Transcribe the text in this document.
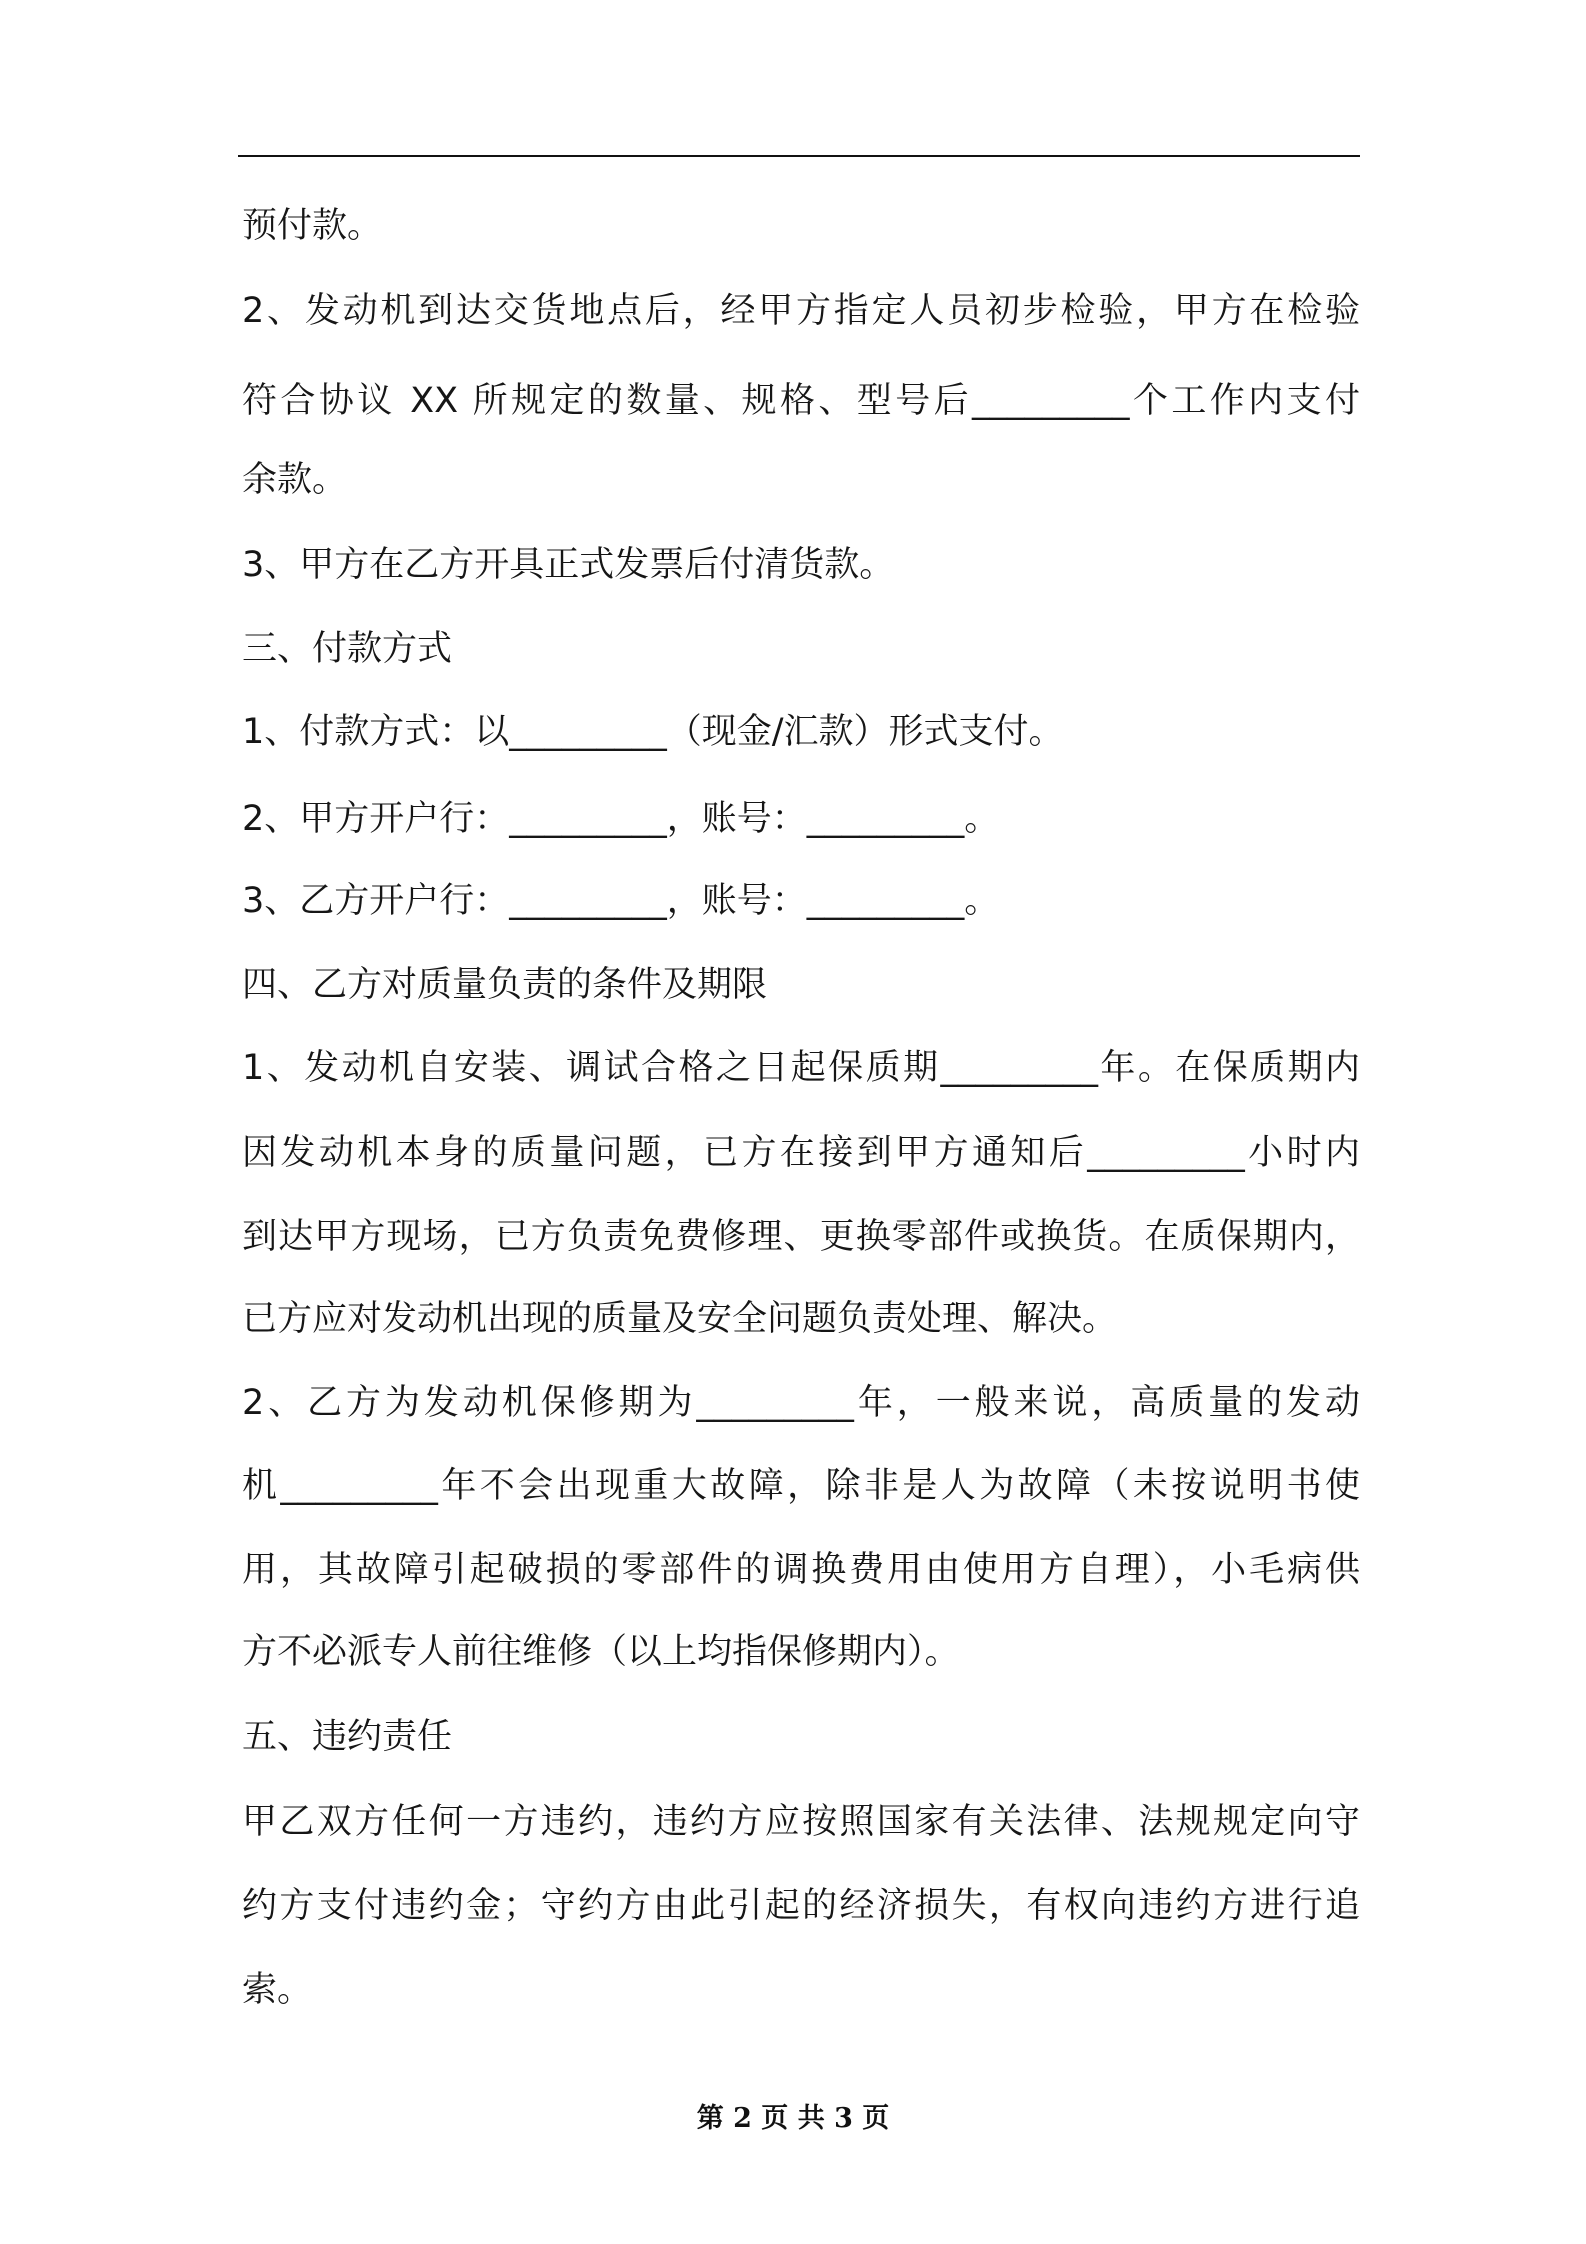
预付款。
2、发动机到达交货地点后，经甲方指定人员初步检验，甲方在检验
符合协议 XX 所规定的数量、规格、型号后_________个工作内支付
余款。
3、甲方在乙方开具正式发票后付清货款。
三、付款方式
1、付款方式：以_________（现金/汇款）形式支付。
2、甲方开户行：_________，账号：_________。
3、乙方开户行：_________，账号：_________。
四、乙方对质量负责的条件及期限
1、发动机自安装、调试合格之日起保质期_________年。在保质期内
因发动机本身的质量问题，已方在接到甲方通知后_________小时内
到达甲方现场，已方负责免费修理、更换零部件或换货。在质保期内，
已方应对发动机出现的质量及安全问题负责处理、解决。
2、乙方为发动机保修期为_________年，一般来说，高质量的发动
机_________年不会出现重大故障，除非是人为故障（未按说明书使
用，其故障引起破损的零部件的调换费用由使用方自理），小毛病供
方不必派专人前往维修（以上均指保修期内）。
五、违约责任
甲乙双方任何一方违约，违约方应按照国家有关法律、法规规定向守
约方支付违约金；守约方由此引起的经济损失，有权向违约方进行追
索。
第 2 页 共 3 页
